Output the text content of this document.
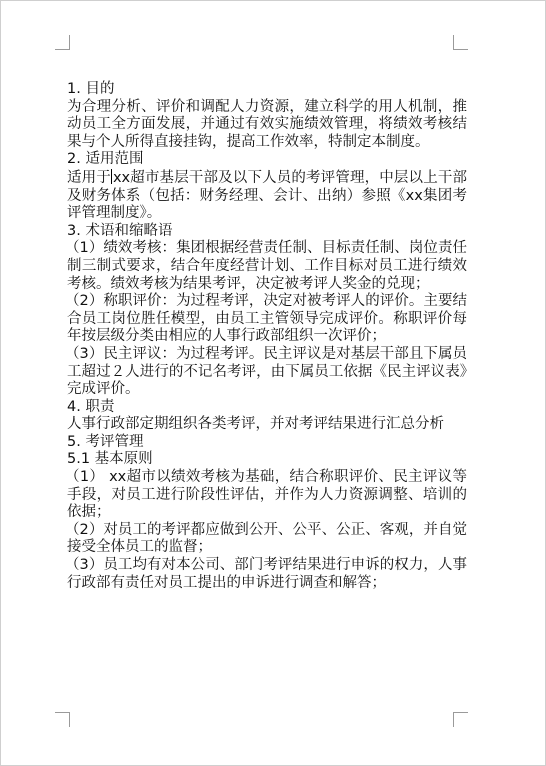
1. 目的

为合理分析、评价和调配人力资源，建立科学的用人机制，推动员工全方面发展，并通过有效实施绩效管理，将绩效考核结果与个人所得直接挂钩，提高工作效率，特制定本制度。

2. 适用范围

适用于 xx超市基层干部及以下人员的考评管理，中层以上干部及财务体系（包括：财务经理、会计、出纳）参照《xx集团考评管理制度》。

3. 术语和缩略语

（1）绩效考核：集团根据经营责任制、目标责任制、岗位责任制三制式要求，结合年度经营计划、工作目标对员工进行绩效考核。绩效考核为结果考评，决定被考评人奖金的兑现；

（2）称职评价：为过程考评，决定对被考评人的评价。主要结合员工岗位胜任模型，由员工主管领导完成评价。称职评价每年按层级分类由相应的人事行政部组织一次评价；

（3）民主评议：为过程考评。民主评议是对基层干部且下属员工超过２人进行的不记名考评，由下属员工依据《民主评议表》完成评价。

4. 职责

人事行政部定期组织各类考评，并对考评结果进行汇总分析

5. 考评管理

5.1 基本原则

（1） xx超市以绩效考核为基础，结合称职评价、民主评议等手段，对员工进行阶段性评估，并作为人力资源调整、培训的依据；

（2）对员工的考评都应做到公开、公平、公正、客观，并自觉接受全体员工的监督；

（3）员工均有对本公司、部门考评结果进行申诉的权力，人事行政部有责任对员工提出的申诉进行调查和解答；
